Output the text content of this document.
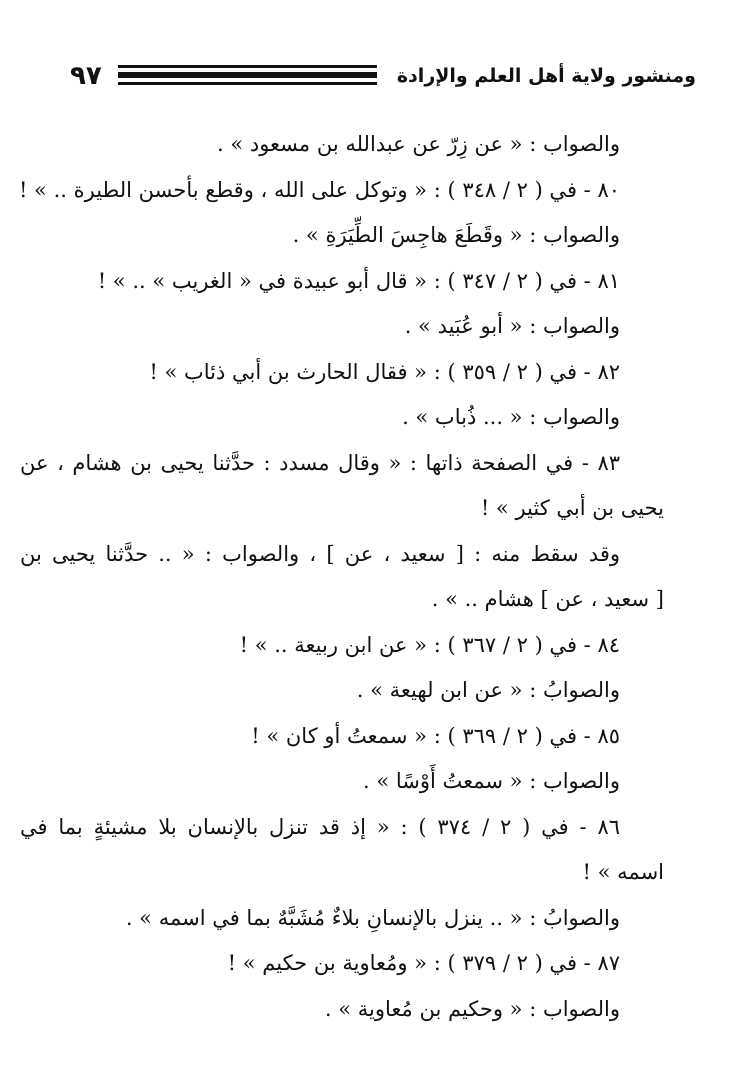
ومنشور ولاية أهل العلم والإرادة
٩٧
والصواب : « عن زِرّ عن عبدالله بن مسعود » .
٨٠ - في ( ٢ / ٣٤٨ ) : « وتوكل على الله ، وقطع بأحسن الطيرة .. » !
والصواب : « وقَطَعَ هاجِسَ الطِّيَرَةِ » .
٨١ - في ( ٢ / ٣٤٧ ) : « قال أبو عبيدة في « الغريب » .. » !
والصواب : « أبو عُبَيد » .
٨٢ - في ( ٢ / ٣٥٩ ) : « فقال الحارث بن أبي ذئاب » !
والصواب : « ... ذُباب » .
٨٣ - في الصفحة ذاتها : « وقال مسدد : حدَّثنا يحيى بن هشام ، عن
يحيى بن أبي كثير » !
وقد سقط منه : [ سعيد ، عن ] ، والصواب : « .. حدَّثنا يحيى بن
[ سعيد ، عن ] هشام .. » .
٨٤ - في ( ٢ / ٣٦٧ ) : « عن ابن ربيعة .. » !
والصوابُ : « عن ابن لهيعة » .
٨٥ - في ( ٢ / ٣٦٩ ) : « سمعتُ أو كان » !
والصواب : « سمعتُ أَوْسًا » .
٨٦ - في ( ٢ / ٣٧٤ ) : « إذ قد تنزل بالإنسان بلا مشيئةٍ بما في
اسمه » !
والصوابُ : « .. ينزل بالإنسانِ بلاءٌ مُشَبَّهٌ بما في اسمه » .
٨٧ - في ( ٢ / ٣٧٩ ) : « ومُعاوية بن حكيم » !
والصواب : « وحكيم بن مُعاوية » .
